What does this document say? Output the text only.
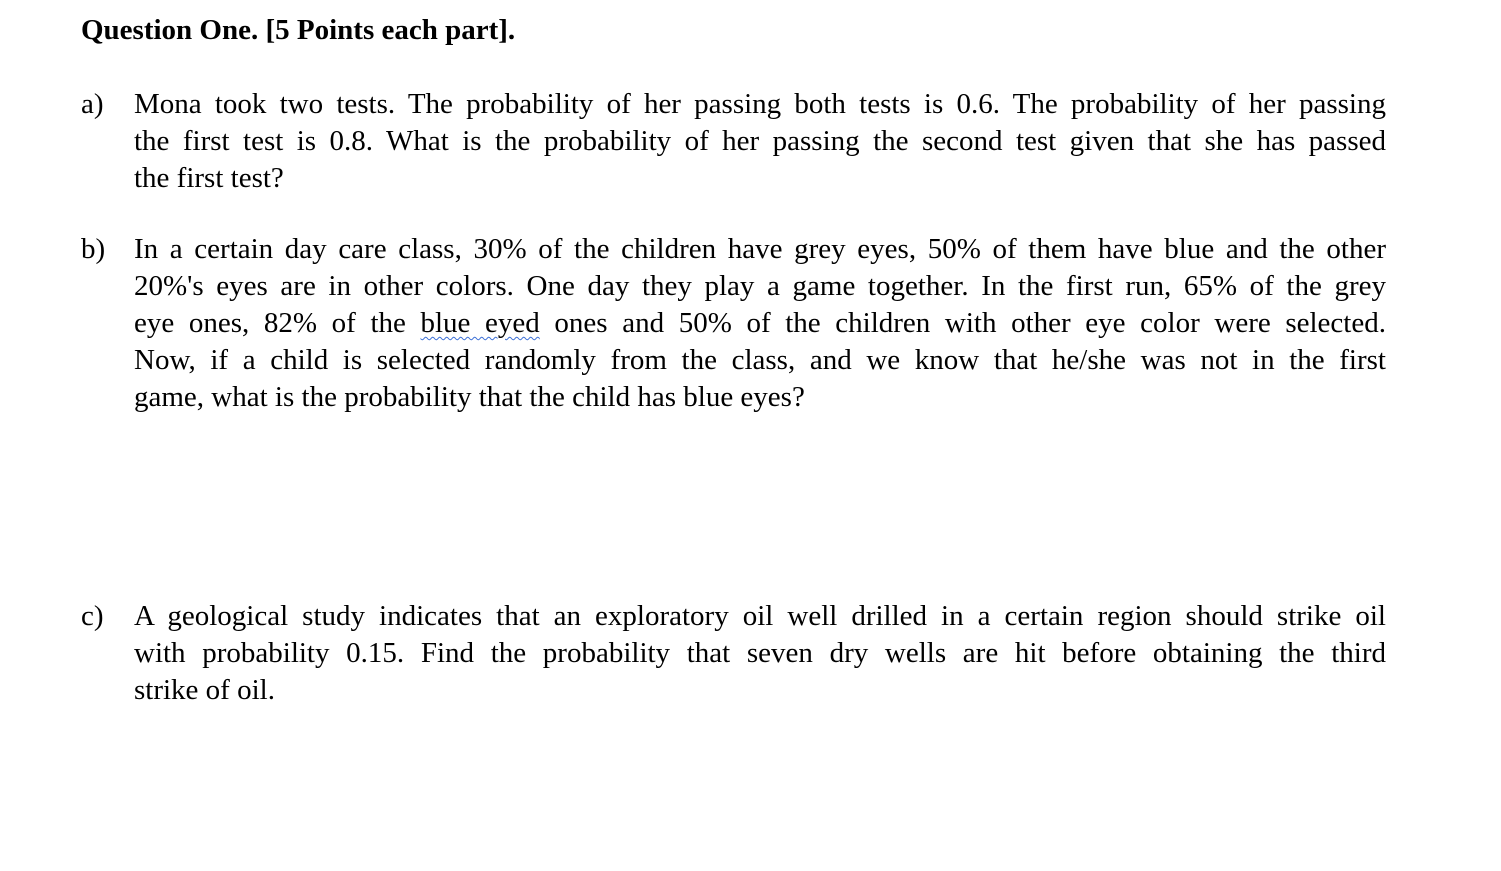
Question One. [5 Points each part].
a) Mona took two tests. The probability of her passing both tests is 0.6. The probability of her passing
the first test is 0.8. What is the probability of her passing the second test given that she has passed
the first test?
b) In a certain day care class, 30% of the children have grey eyes, 50% of them have blue and the other
20%'s eyes are in other colors. One day they play a game together. In the first run, 65% of the grey
eye ones, 82% of the blue eyed ones and 50% of the children with other eye color were selected.
Now, if a child is selected randomly from the class, and we know that he/she was not in the first
game, what is the probability that the child has blue eyes?
c) A geological study indicates that an exploratory oil well drilled in a certain region should strike oil
with probability 0.15. Find the probability that seven dry wells are hit before obtaining the third
strike of oil.
